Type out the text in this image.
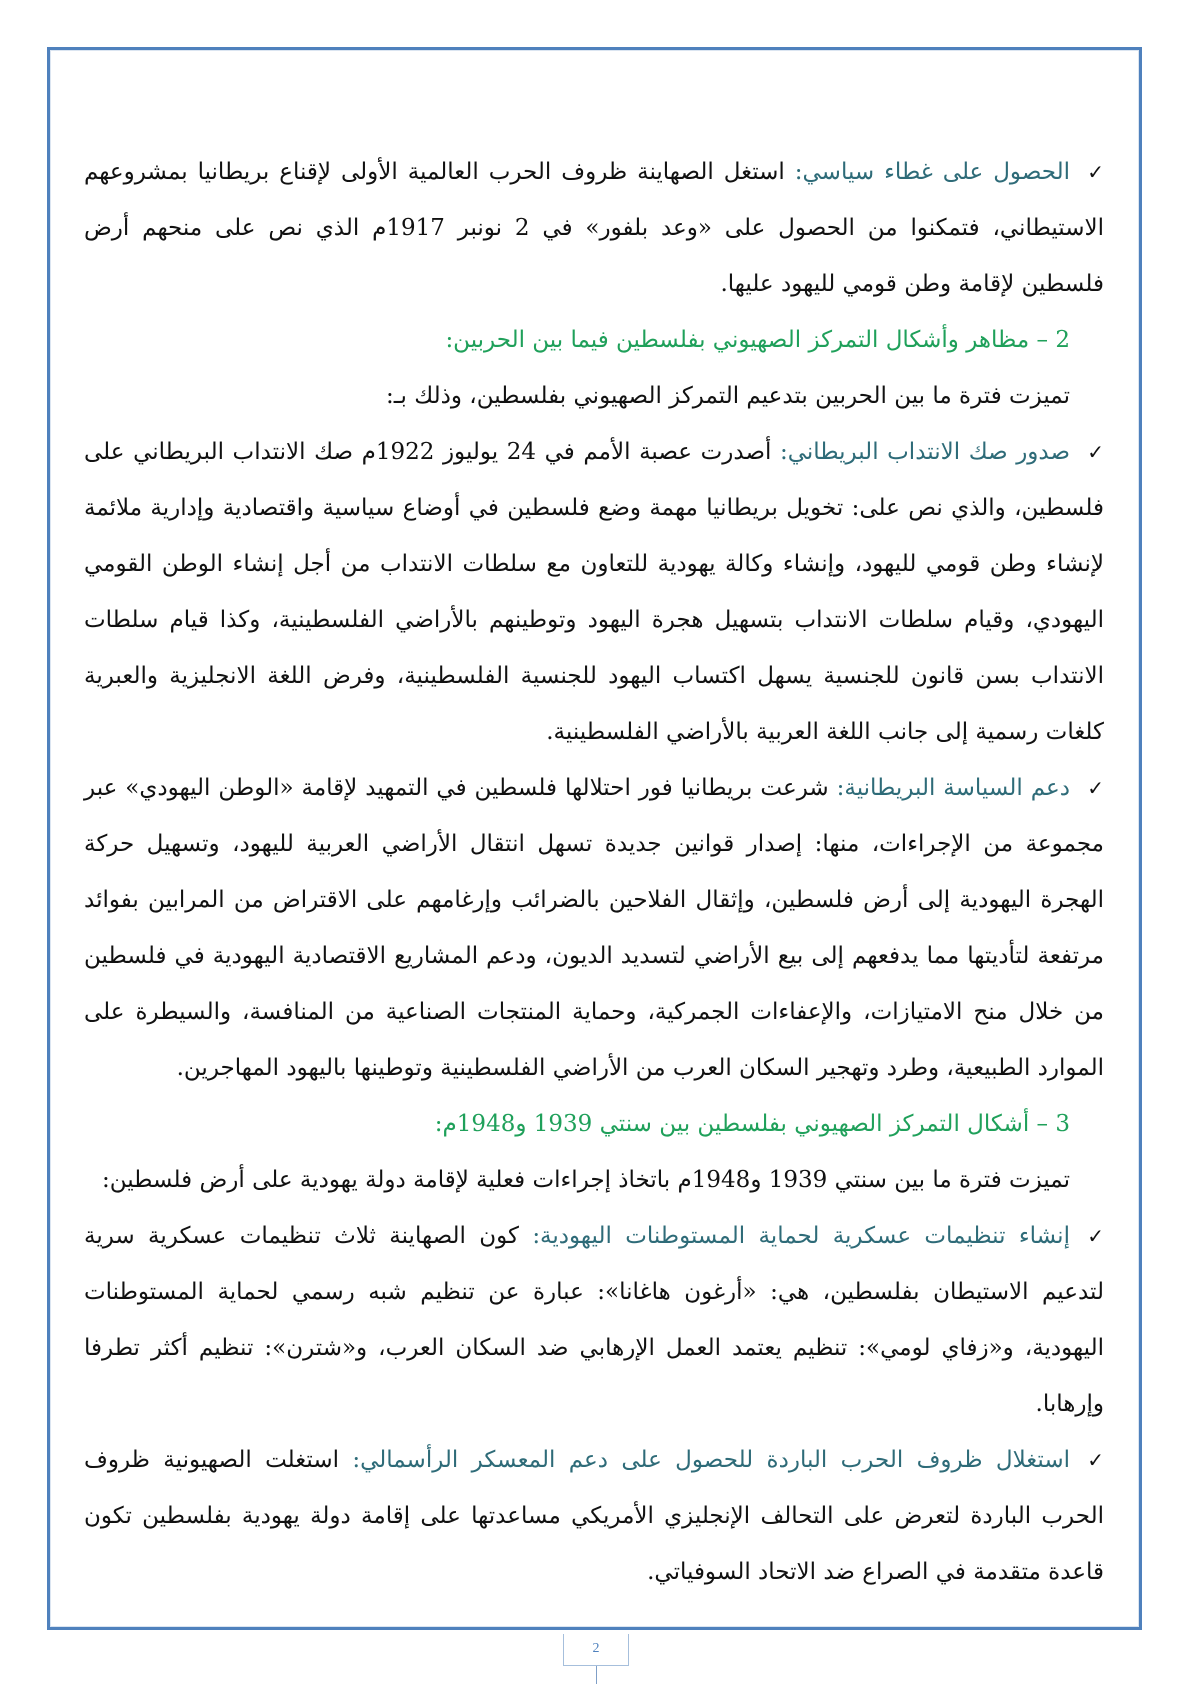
✓
الحصول على غطاء سياسي: استغل الصهاينة ظروف الحرب العالمية الأولى لإقناع بريطانيا بمشروعهم الاستيطاني، فتمكنوا من الحصول على «وعد بلفور» في 2 نونبر 1917م الذي نص على منحهم أرض فلسطين لإقامة وطن قومي لليهود عليها.

2 – مظاهر وأشكال التمركز الصهيوني بفلسطين فيما بين الحربين:

تميزت فترة ما بين الحربين بتدعيم التمركز الصهيوني بفلسطين، وذلك بـ:

✓
صدور صك الانتداب البريطاني: أصدرت عصبة الأمم في 24 يوليوز 1922م صك الانتداب البريطاني على فلسطين، والذي نص على: تخويل بريطانيا مهمة وضع فلسطين في أوضاع سياسية واقتصادية وإدارية ملائمة لإنشاء وطن قومي لليهود، وإنشاء وكالة يهودية للتعاون مع سلطات الانتداب من أجل إنشاء الوطن القومي اليهودي، وقيام سلطات الانتداب بتسهيل هجرة اليهود وتوطينهم بالأراضي الفلسطينية، وكذا قيام سلطات الانتداب بسن قانون للجنسية يسهل اكتساب اليهود للجنسية الفلسطينية، وفرض اللغة الانجليزية والعبرية كلغات رسمية إلى جانب اللغة العربية بالأراضي الفلسطينية.

✓
دعم السياسة البريطانية: شرعت بريطانيا فور احتلالها فلسطين في التمهيد لإقامة «الوطن اليهودي» عبر مجموعة من الإجراءات، منها: إصدار قوانين جديدة تسهل انتقال الأراضي العربية لليهود، وتسهيل حركة الهجرة اليهودية إلى أرض فلسطين، وإثقال الفلاحين بالضرائب وإرغامهم على الاقتراض من المرابين بفوائد مرتفعة لتأديتها مما يدفعهم إلى بيع الأراضي لتسديد الديون، ودعم المشاريع الاقتصادية اليهودية في فلسطين من خلال منح الامتيازات، والإعفاءات الجمركية، وحماية المنتجات الصناعية من المنافسة، والسيطرة على الموارد الطبيعية، وطرد وتهجير السكان العرب من الأراضي الفلسطينية وتوطينها باليهود المهاجرين.

3 – أشكال التمركز الصهيوني بفلسطين بين سنتي 1939 و1948م:

تميزت فترة ما بين سنتي 1939 و1948م باتخاذ إجراءات فعلية لإقامة دولة يهودية على أرض فلسطين:

✓
إنشاء تنظيمات عسكرية لحماية المستوطنات اليهودية: كون الصهاينة ثلاث تنظيمات عسكرية سرية لتدعيم الاستيطان بفلسطين، هي: «أرغون هاغانا»: عبارة عن تنظيم شبه رسمي لحماية المستوطنات اليهودية، و«زفاي لومي»: تنظيم يعتمد العمل الإرهابي ضد السكان العرب، و«شترن»: تنظيم أكثر تطرفا وإرهابا.

✓
استغلال ظروف الحرب الباردة للحصول على دعم المعسكر الرأسمالي: استغلت الصهيونية ظروف الحرب الباردة لتعرض على التحالف الإنجليزي الأمريكي مساعدتها على إقامة دولة يهودية بفلسطين تكون قاعدة متقدمة في الصراع ضد الاتحاد السوفياتي.

2
